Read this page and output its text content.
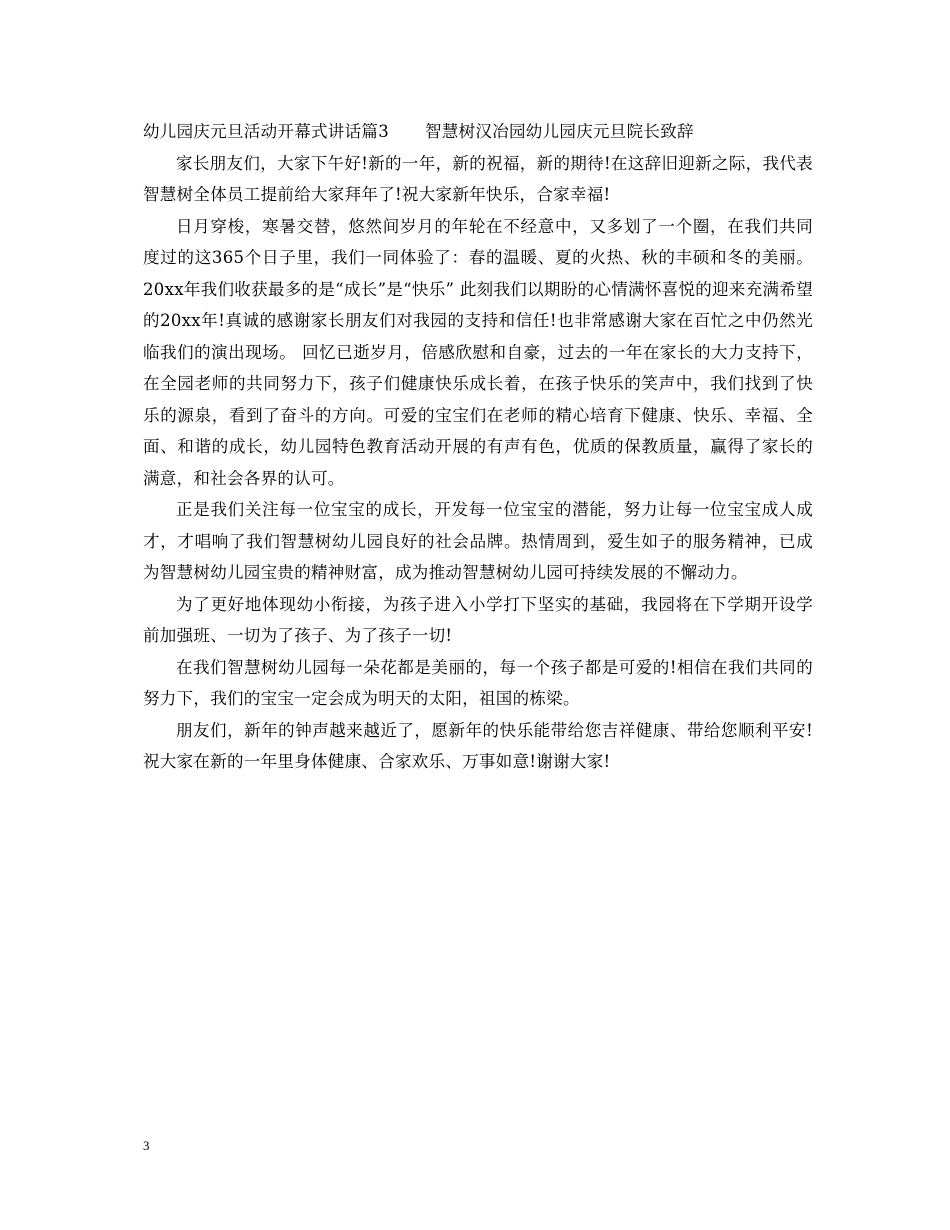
幼儿园庆元旦活动开幕式讲话篇3 智慧树汉冶园幼儿园庆元旦院长致辞

家长朋友们，大家下午好!新的一年，新的祝福，新的期待!在这辞旧迎新之际，我代表智慧树全体员工提前给大家拜年了!祝大家新年快乐，合家幸福!

日月穿梭，寒暑交替，悠然间岁月的年轮在不经意中，又多划了一个圈，在我们共同度过的这365个日子里，我们一同体验了：春的温暖、夏的火热、秋的丰硕和冬的美丽。20xx年我们收获最多的是“成长”是“快乐” 此刻我们以期盼的心情满怀喜悦的迎来充满希望的20xx年!真诚的感谢家长朋友们对我园的支持和信任!也非常感谢大家在百忙之中仍然光临我们的演出现场。 回忆已逝岁月，倍感欣慰和自豪，过去的一年在家长的大力支持下，在全园老师的共同努力下，孩子们健康快乐成长着，在孩子快乐的笑声中，我们找到了快乐的源泉，看到了奋斗的方向。可爱的宝宝们在老师的精心培育下健康、快乐、幸福、全面、和谐的成长，幼儿园特色教育活动开展的有声有色，优质的保教质量，赢得了家长的满意，和社会各界的认可。

正是我们关注每一位宝宝的成长，开发每一位宝宝的潜能，努力让每一位宝宝成人成才，才唱响了我们智慧树幼儿园良好的社会品牌。热情周到，爱生如子的服务精神，已成为智慧树幼儿园宝贵的精神财富，成为推动智慧树幼儿园可持续发展的不懈动力。

为了更好地体现幼小衔接，为孩子进入小学打下坚实的基础，我园将在下学期开设学前加强班、一切为了孩子、为了孩子一切!

在我们智慧树幼儿园每一朵花都是美丽的，每一个孩子都是可爱的!相信在我们共同的努力下，我们的宝宝一定会成为明天的太阳，祖国的栋梁。

朋友们，新年的钟声越来越近了，愿新年的快乐能带给您吉祥健康、带给您顺利平安!祝大家在新的一年里身体健康、合家欢乐、万事如意!谢谢大家!

3
